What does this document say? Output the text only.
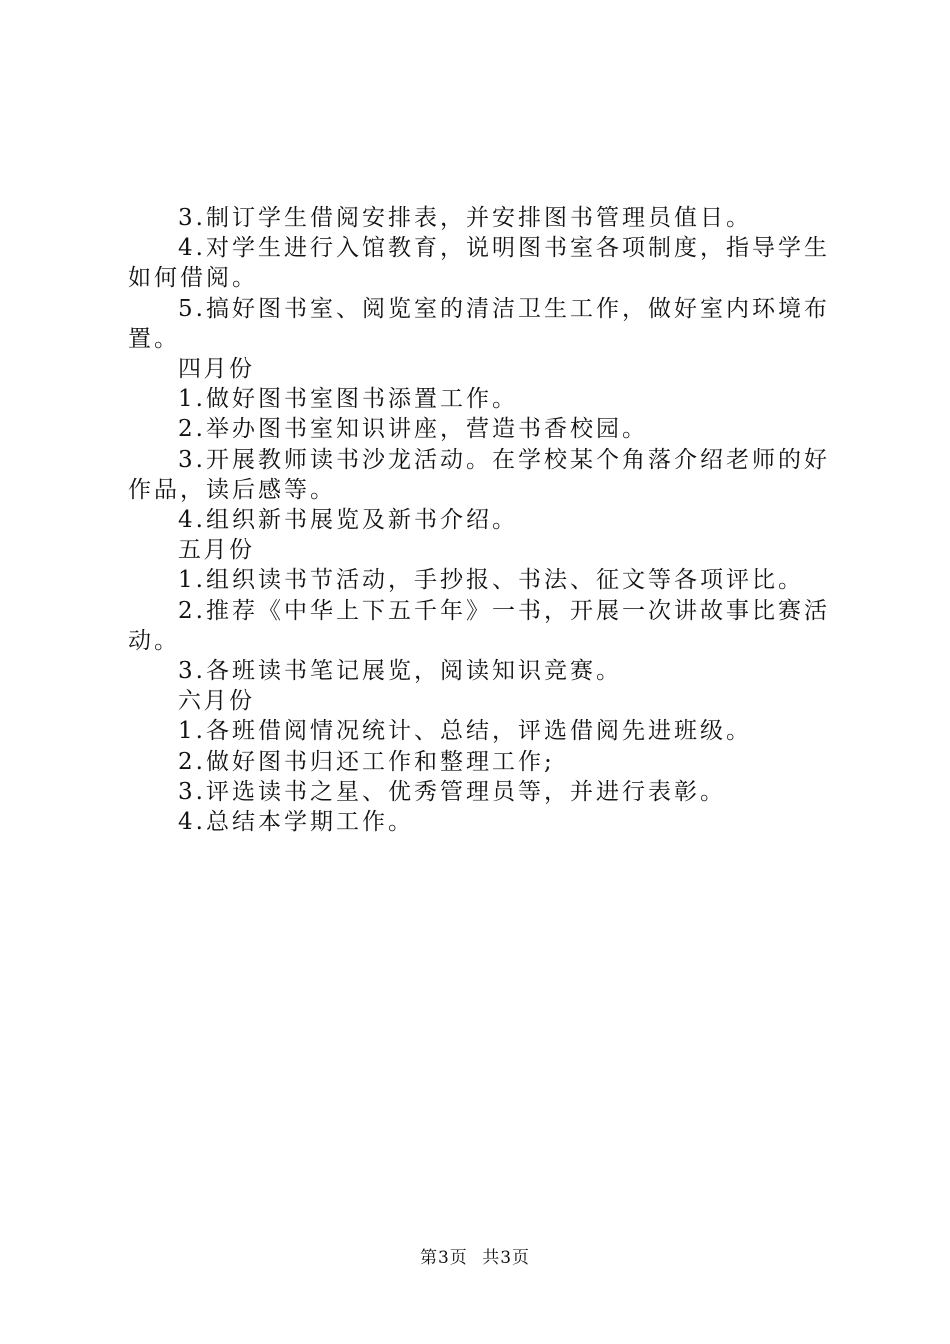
3.制订学生借阅安排表，并安排图书管理员值日。

4.对学生进行入馆教育，说明图书室各项制度，指导学生如何借阅。

5.搞好图书室、阅览室的清洁卫生工作，做好室内环境布置。

四月份

1.做好图书室图书添置工作。

2.举办图书室知识讲座，营造书香校园。

3.开展教师读书沙龙活动。在学校某个角落介绍老师的好作品，读后感等。

4.组织新书展览及新书介绍。

五月份

1.组织读书节活动，手抄报、书法、征文等各项评比。

2.推荐《中华上下五千年》一书，开展一次讲故事比赛活动。

3.各班读书笔记展览，阅读知识竞赛。

六月份

1.各班借阅情况统计、总结，评选借阅先进班级。

2.做好图书归还工作和整理工作;

3.评选读书之星、优秀管理员等，并进行表彰。

4.总结本学期工作。

第3页 共3页
